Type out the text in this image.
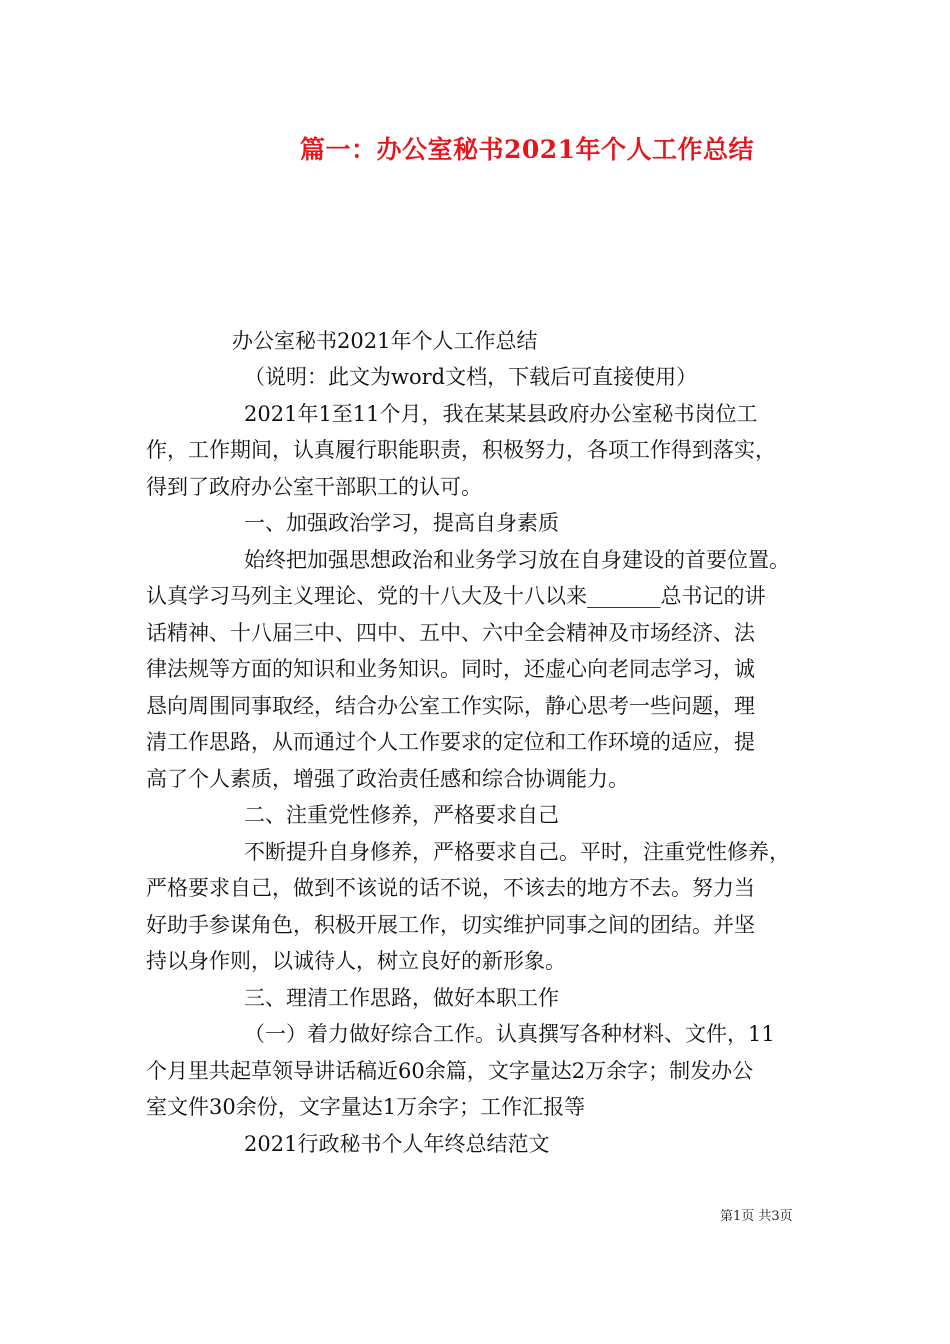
篇一：办公室秘书2021年个人工作总结
办公室秘书2021年个人工作总结
（说明：此文为word文档，下载后可直接使用）
2021年1至11个月，我在某某县政府办公室秘书岗位工
作，工作期间，认真履行职能职责，积极努力，各项工作得到落实，
得到了政府办公室干部职工的认可。
一、加强政治学习，提高自身素质
始终把加强思想政治和业务学习放在自身建设的首要位置。
认真学习马列主义理论、党的十八大及十八以来_______总书记的讲
话精神、十八届三中、四中、五中、六中全会精神及市场经济、法
律法规等方面的知识和业务知识。同时，还虚心向老同志学习，诚
恳向周围同事取经，结合办公室工作实际，静心思考一些问题，理
清工作思路，从而通过个人工作要求的定位和工作环境的适应，提
高了个人素质，增强了政治责任感和综合协调能力。
二、注重党性修养，严格要求自己
不断提升自身修养，严格要求自己。平时，注重党性修养，
严格要求自己，做到不该说的话不说，不该去的地方不去。努力当
好助手参谋角色，积极开展工作，切实维护同事之间的团结。并坚
持以身作则，以诚待人，树立良好的新形象。
三、理清工作思路，做好本职工作
（一）着力做好综合工作。认真撰写各种材料、文件，11
个月里共起草领导讲话稿近60余篇，文字量达2万余字；制发办公
室文件30余份，文字量达1万余字；工作汇报等
2021行政秘书个人年终总结范文
第1页 共3页
